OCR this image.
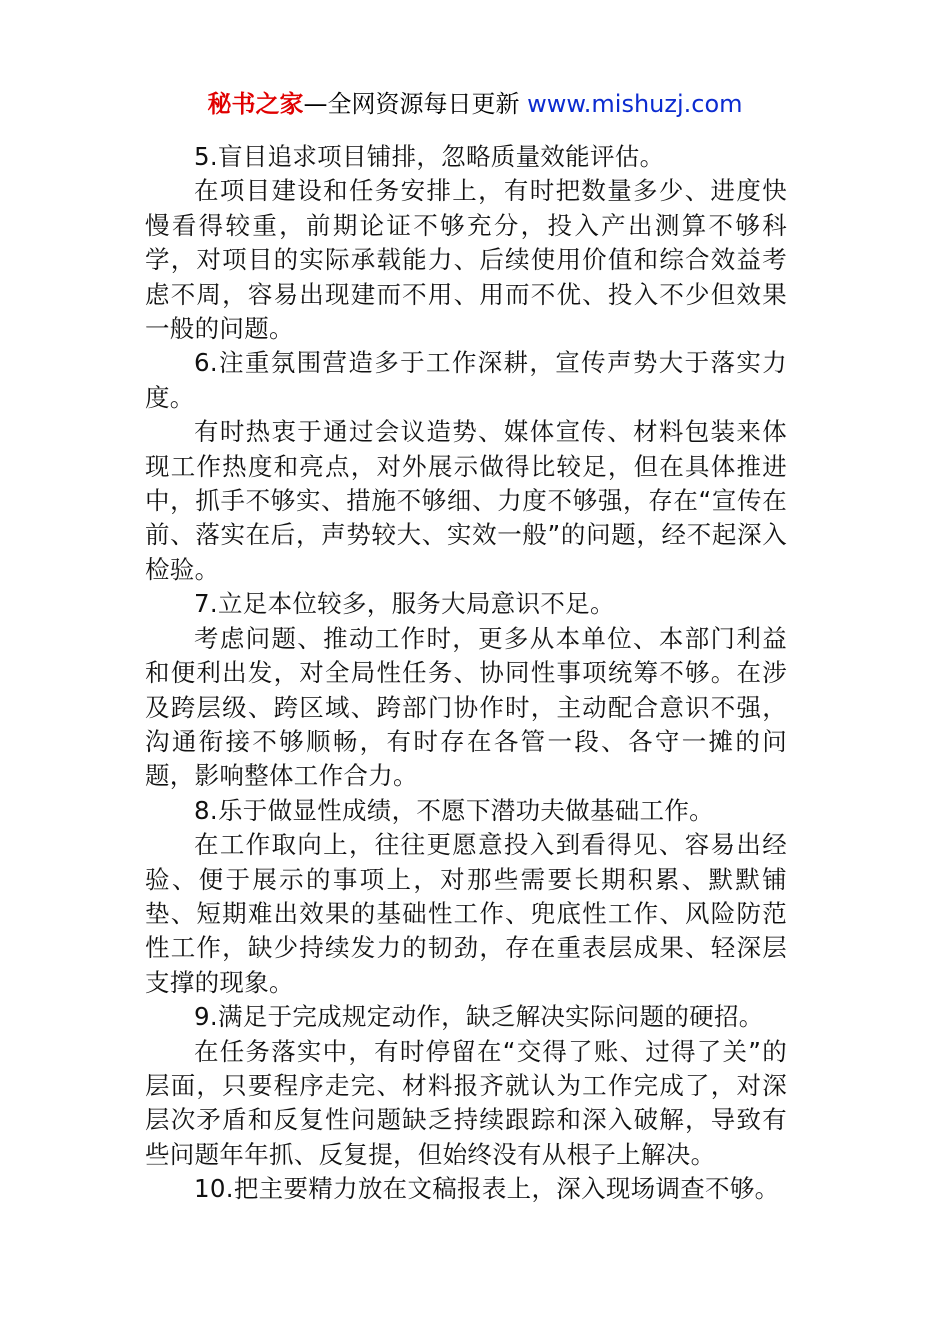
秘书之家—全网资源每日更新 www.mishuzj.com

5.盲目追求项目铺排，忽略质量效能评估。

在项目建设和任务安排上，有时把数量多少、进度快慢看得较重，前期论证不够充分，投入产出测算不够科学，对项目的实际承载能力、后续使用价值和综合效益考虑不周，容易出现建而不用、用而不优、投入不少但效果一般的问题。

6.注重氛围营造多于工作深耕，宣传声势大于落实力度。

有时热衷于通过会议造势、媒体宣传、材料包装来体现工作热度和亮点，对外展示做得比较足，但在具体推进中，抓手不够实、措施不够细、力度不够强，存在“宣传在前、落实在后，声势较大、实效一般”的问题，经不起深入检验。

7.立足本位较多，服务大局意识不足。

考虑问题、推动工作时，更多从本单位、本部门利益和便利出发，对全局性任务、协同性事项统筹不够。在涉及跨层级、跨区域、跨部门协作时，主动配合意识不强，沟通衔接不够顺畅，有时存在各管一段、各守一摊的问题，影响整体工作合力。

8.乐于做显性成绩，不愿下潜功夫做基础工作。

在工作取向上，往往更愿意投入到看得见、容易出经验、便于展示的事项上，对那些需要长期积累、默默铺垫、短期难出效果的基础性工作、兜底性工作、风险防范性工作，缺少持续发力的韧劲，存在重表层成果、轻深层支撑的现象。

9.满足于完成规定动作，缺乏解决实际问题的硬招。

在任务落实中，有时停留在“交得了账、过得了关”的层面，只要程序走完、材料报齐就认为工作完成了，对深层次矛盾和反复性问题缺乏持续跟踪和深入破解，导致有些问题年年抓、反复提，但始终没有从根子上解决。

10.把主要精力放在文稿报表上，深入现场调查不够。
